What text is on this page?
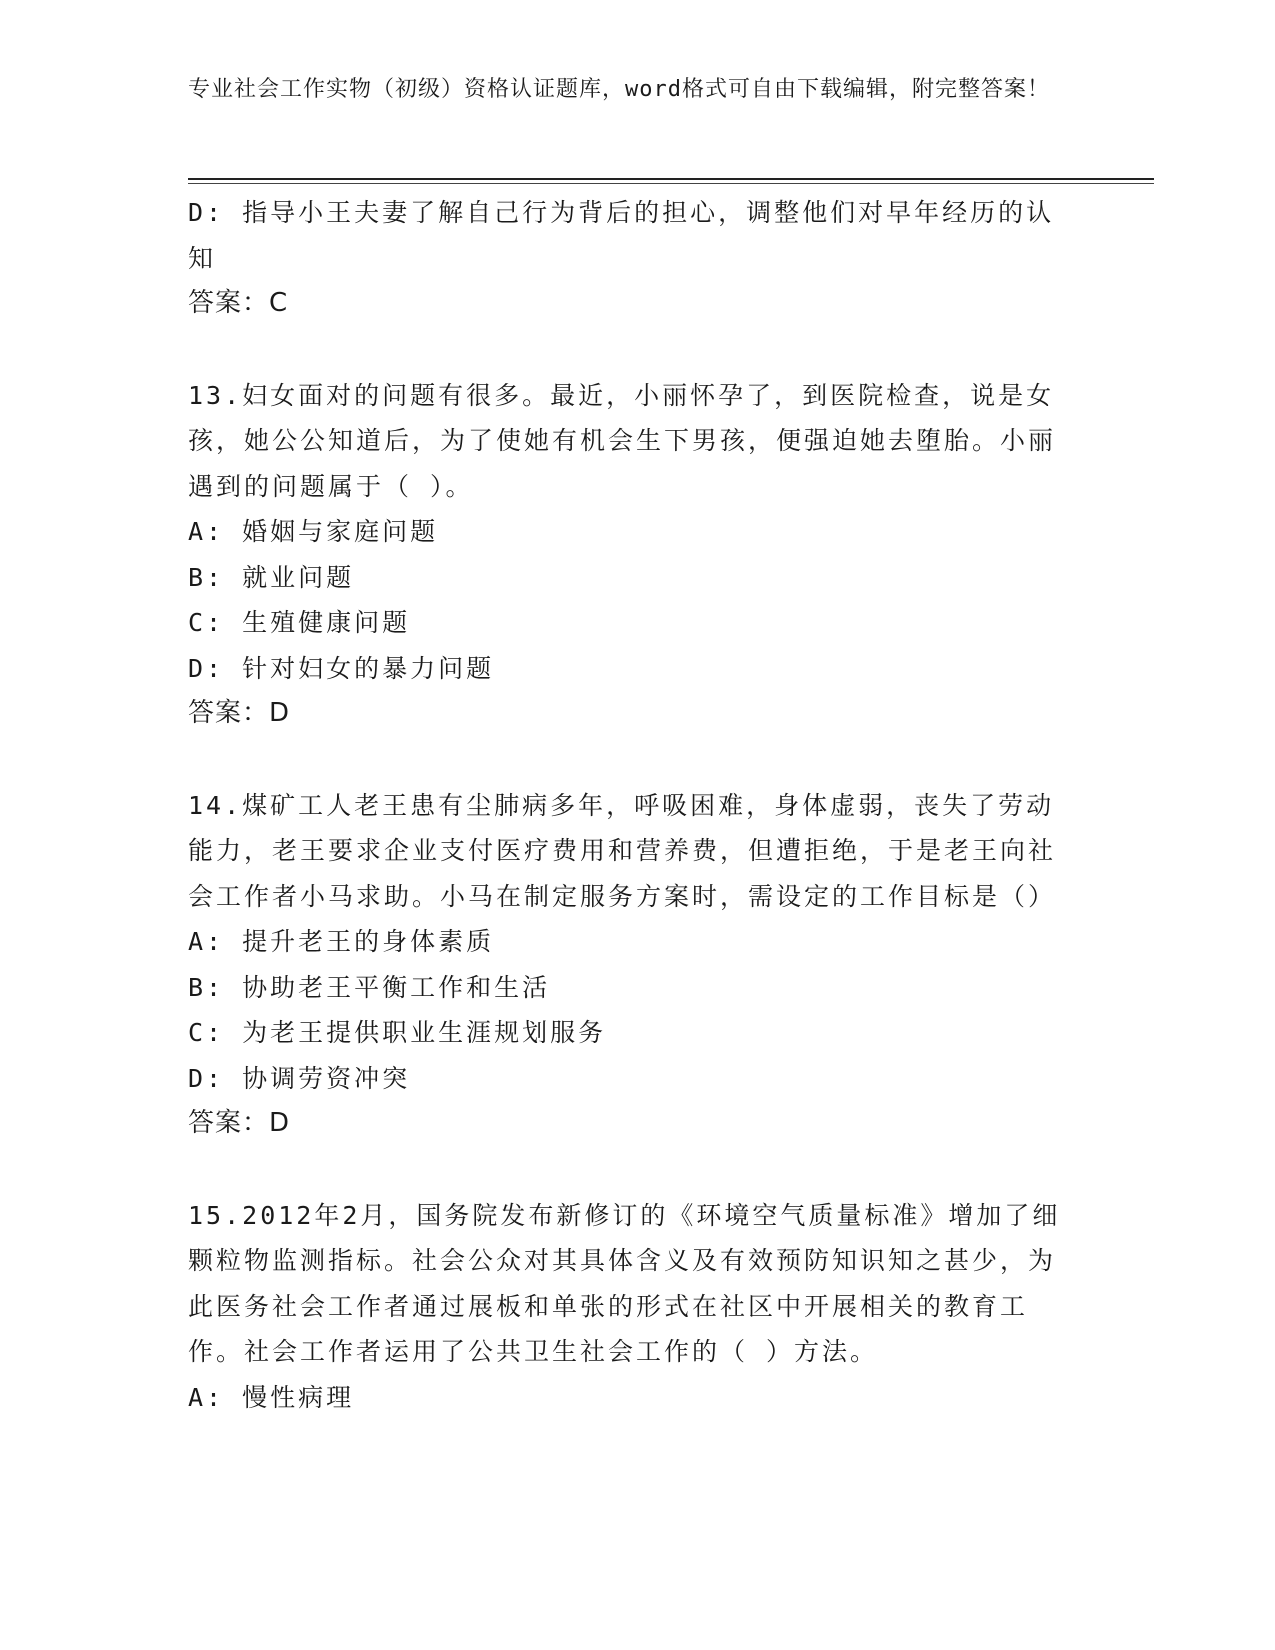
专业社会工作实物（初级）资格认证题库，word格式可自由下载编辑，附完整答案！
D: 指导小王夫妻了解自己行为背后的担心，调整他们对早年经历的认知
答案：C
13.妇女面对的问题有很多。最近，小丽怀孕了，到医院检查，说是女孩，她公公知道后，为了使她有机会生下男孩，便强迫她去堕胎。小丽遇到的问题属于（ ）。
A: 婚姻与家庭问题
B: 就业问题
C: 生殖健康问题
D: 针对妇女的暴力问题
答案：D
14.煤矿工人老王患有尘肺病多年，呼吸困难，身体虚弱，丧失了劳动能力，老王要求企业支付医疗费用和营养费，但遭拒绝，于是老王向社会工作者小马求助。小马在制定服务方案时，需设定的工作目标是（）
A: 提升老王的身体素质
B: 协助老王平衡工作和生活
C: 为老王提供职业生涯规划服务
D: 协调劳资冲突
答案：D
15.2012年2月，国务院发布新修订的《环境空气质量标准》增加了细颗粒物监测指标。社会公众对其具体含义及有效预防知识知之甚少，为此医务社会工作者通过展板和单张的形式在社区中开展相关的教育工作。社会工作者运用了公共卫生社会工作的（ ）方法。
A: 慢性病理
